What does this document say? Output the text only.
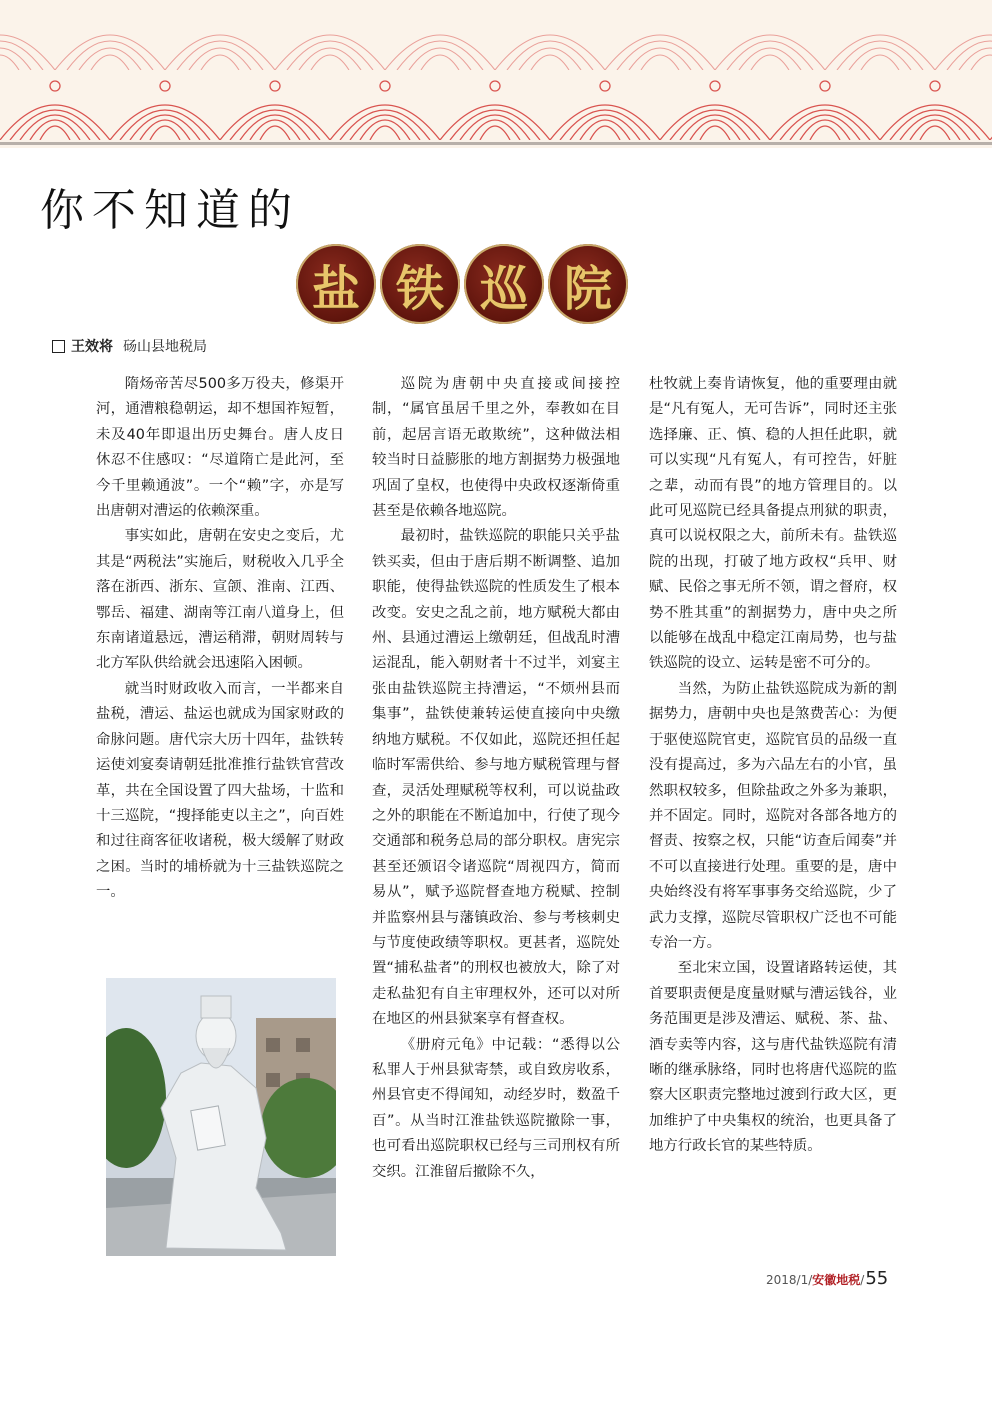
你不知道的
盐 铁 巡 院
王效将 砀山县地税局

隋炀帝苦尽500多万役夫，修渠开河，通漕粮稳朝运，却不想国祚短暂，未及40年即退出历史舞台。唐人皮日休忍不住感叹：“尽道隋亡是此河，至今千里赖通波”。一个“赖”字，亦是写出唐朝对漕运的依赖深重。

事实如此，唐朝在安史之变后，尤其是“两税法”实施后，财税收入几乎全落在浙西、浙东、宣颌、淮南、江西、鄂岳、福建、湖南等江南八道身上，但东南诸道悬远，漕运稍滞，朝财周转与北方军队供给就会迅速陷入困顿。

就当时财政收入而言，一半都来自盐税，漕运、盐运也就成为国家财政的命脉问题。唐代宗大历十四年，盐铁转运使刘宴奏请朝廷批准推行盐铁官营改革，共在全国设置了四大盐场，十监和十三巡院，“搜择能吏以主之”，向百姓和过往商客征收诸税，极大缓解了财政之困。当时的埔桥就为十三盐铁巡院之一。

巡院为唐朝中央直接或间接控制，“属官虽居千里之外，奉教如在目前，起居言语无敢欺统”，这种做法相较当时日益膨胀的地方割据势力极强地巩固了皇权，也使得中央政权逐渐倚重甚至是依赖各地巡院。

最初时，盐铁巡院的职能只关乎盐铁买卖，但由于唐后期不断调整、追加职能，使得盐铁巡院的性质发生了根本改变。安史之乱之前，地方赋税大都由州、县通过漕运上缴朝廷，但战乱时漕运混乱，能入朝财者十不过半，刘宴主张由盐铁巡院主持漕运，“不烦州县而集事”，盐铁使兼转运使直接向中央缴纳地方赋税。不仅如此，巡院还担任起临时军需供给、参与地方赋税管理与督查，灵活处理赋税等权利，可以说盐政之外的职能在不断追加中，行使了现今交通部和税务总局的部分职权。唐宪宗甚至还颁诏令诸巡院“周视四方，简而易从”，赋予巡院督查地方税赋、控制并监察州县与藩镇政治、参与考核刺史与节度使政绩等职权。更甚者，巡院处置“捕私盐者”的刑权也被放大，除了对走私盐犯有自主审理权外，还可以对所在地区的州县狱案享有督查权。

《册府元龟》中记载：“悉得以公私罪人于州县狱寄禁，或自致房收系，州县官吏不得闻知，动经岁时，数盈千百”。从当时江淮盐铁巡院撤除一事，也可看出巡院职权已经与三司刑权有所交织。江淮留后撤除不久，

杜牧就上奏肯请恢复，他的重要理由就是“凡有冤人，无可告诉”，同时还主张选择廉、正、慎、稳的人担任此职，就可以实现“凡有冤人，有可控告，奸脏之辈，动而有畏”的地方管理目的。以此可见巡院已经具备提点刑狱的职责，真可以说权限之大，前所未有。盐铁巡院的出现，打破了地方政权“兵甲、财赋、民俗之事无所不领，谓之督府，权势不胜其重”的割据势力，唐中央之所以能够在战乱中稳定江南局势，也与盐铁巡院的设立、运转是密不可分的。

当然，为防止盐铁巡院成为新的割据势力，唐朝中央也是煞费苦心：为便于驱使巡院官吏，巡院官员的品级一直没有提高过，多为六品左右的小官，虽然职权较多，但除盐政之外多为兼职，并不固定。同时，巡院对各部各地方的督责、按察之权，只能“访查后闻奏”并不可以直接进行处理。重要的是，唐中央始终没有将军事事务交给巡院，少了武力支撑，巡院尽管职权广泛也不可能专治一方。

至北宋立国，设置诸路转运使，其首要职责便是度量财赋与漕运钱谷，业务范围更是涉及漕运、赋税、茶、盐、酒专卖等内容，这与唐代盐铁巡院有清晰的继承脉络，同时也将唐代巡院的监察大区职责完整地过渡到行政大区，更加维护了中央集权的统治，也更具备了地方行政长官的某些特质。

2018/1/ 安徽地税 / 55
